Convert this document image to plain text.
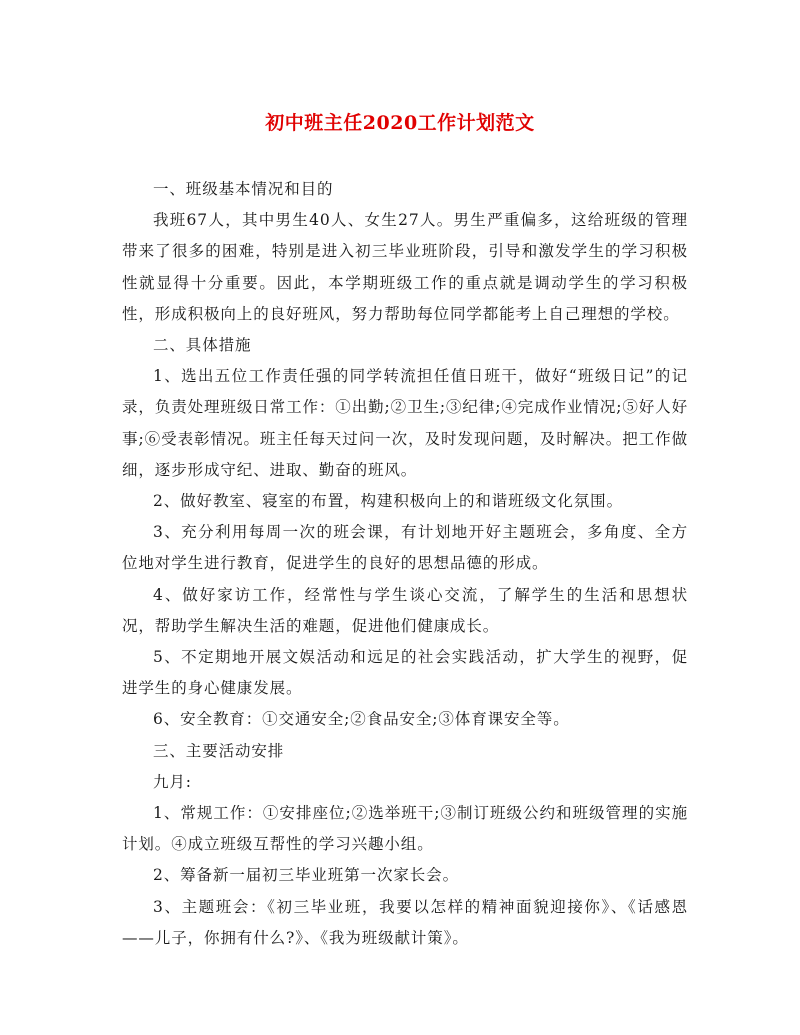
初中班主任2020工作计划范文

一、班级基本情况和目的

我班67人，其中男生40人、女生27人。男生严重偏多，这给班级的管理带来了很多的困难，特别是进入初三毕业班阶段，引导和激发学生的学习积极性就显得十分重要。因此，本学期班级工作的重点就是调动学生的学习积极性，形成积极向上的良好班风，努力帮助每位同学都能考上自己理想的学校。

二、具体措施

1、选出五位工作责任强的同学转流担任值日班干，做好“班级日记”的记录，负责处理班级日常工作：①出勤;②卫生;③纪律;④完成作业情况;⑤好人好事;⑥受表彰情况。班主任每天过问一次，及时发现问题，及时解决。把工作做细，逐步形成守纪、进取、勤奋的班风。

2、做好教室、寝室的布置，构建积极向上的和谐班级文化氛围。

3、充分利用每周一次的班会课，有计划地开好主题班会，多角度、全方位地对学生进行教育，促进学生的良好的思想品德的形成。

4、做好家访工作，经常性与学生谈心交流，了解学生的生活和思想状况，帮助学生解决生活的难题，促进他们健康成长。

5、不定期地开展文娱活动和远足的社会实践活动，扩大学生的视野，促进学生的身心健康发展。

6、安全教育：①交通安全;②食品安全;③体育课安全等。

三、主要活动安排

九月:

1、常规工作：①安排座位;②选举班干;③制订班级公约和班级管理的实施计划。④成立班级互帮性的学习兴趣小组。

2、筹备新一届初三毕业班第一次家长会。

3、主题班会：《初三毕业班，我要以怎样的精神面貌迎接你》、《话感恩——儿子，你拥有什么?》、《我为班级献计策》。
